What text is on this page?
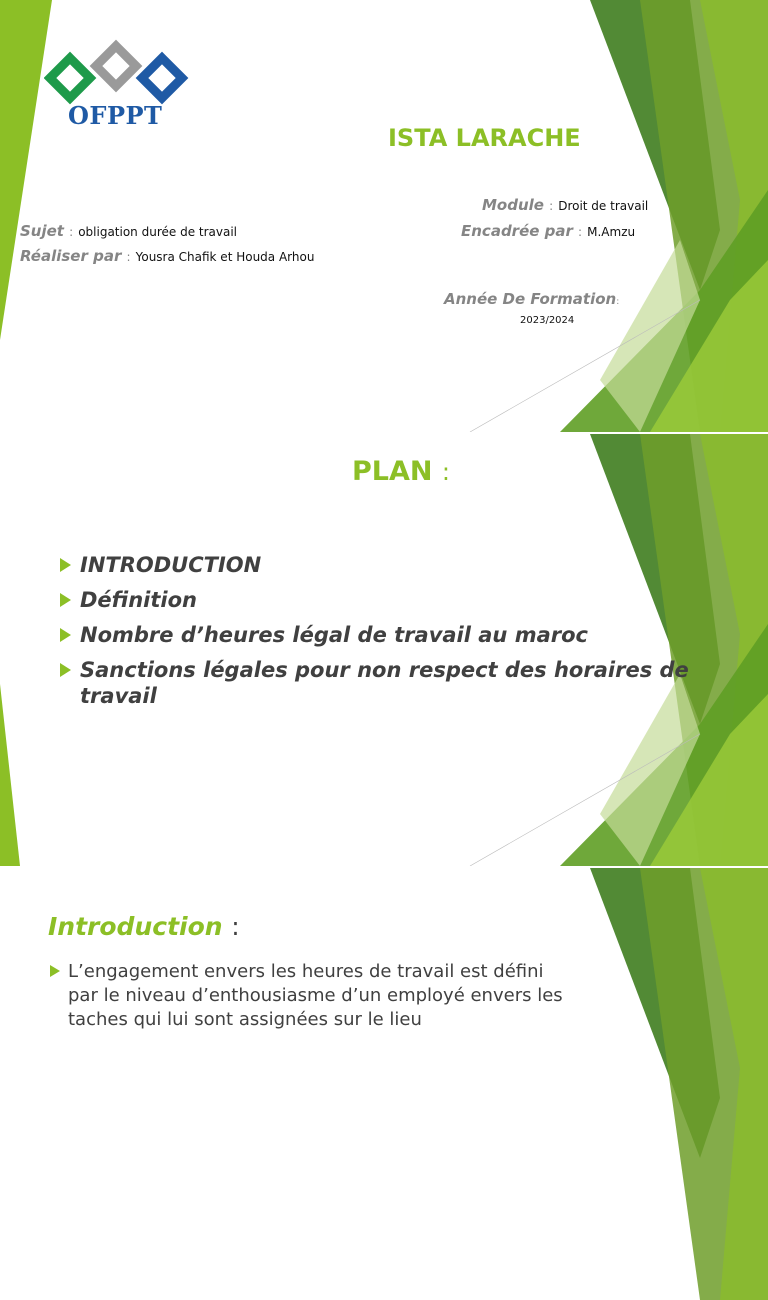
OFPPT
ISTA LARACHE
Module : Droit de travail
Sujet : obligation durée de travail	Encadrée par : M.Amzu
Réaliser par : Yousra Chafik et Houda Arhou
Année De Formation:
2023/2024
PLAN :
INTRODUCTION
Définition
Nombre d’heures légal de travail au maroc
Sanctions légales pour non respect des horaires de travail
Introduction :
L’engagement envers les heures de travail est défini par le niveau d’enthousiasme d’un employé envers les taches qui lui sont assignées sur le lieu
